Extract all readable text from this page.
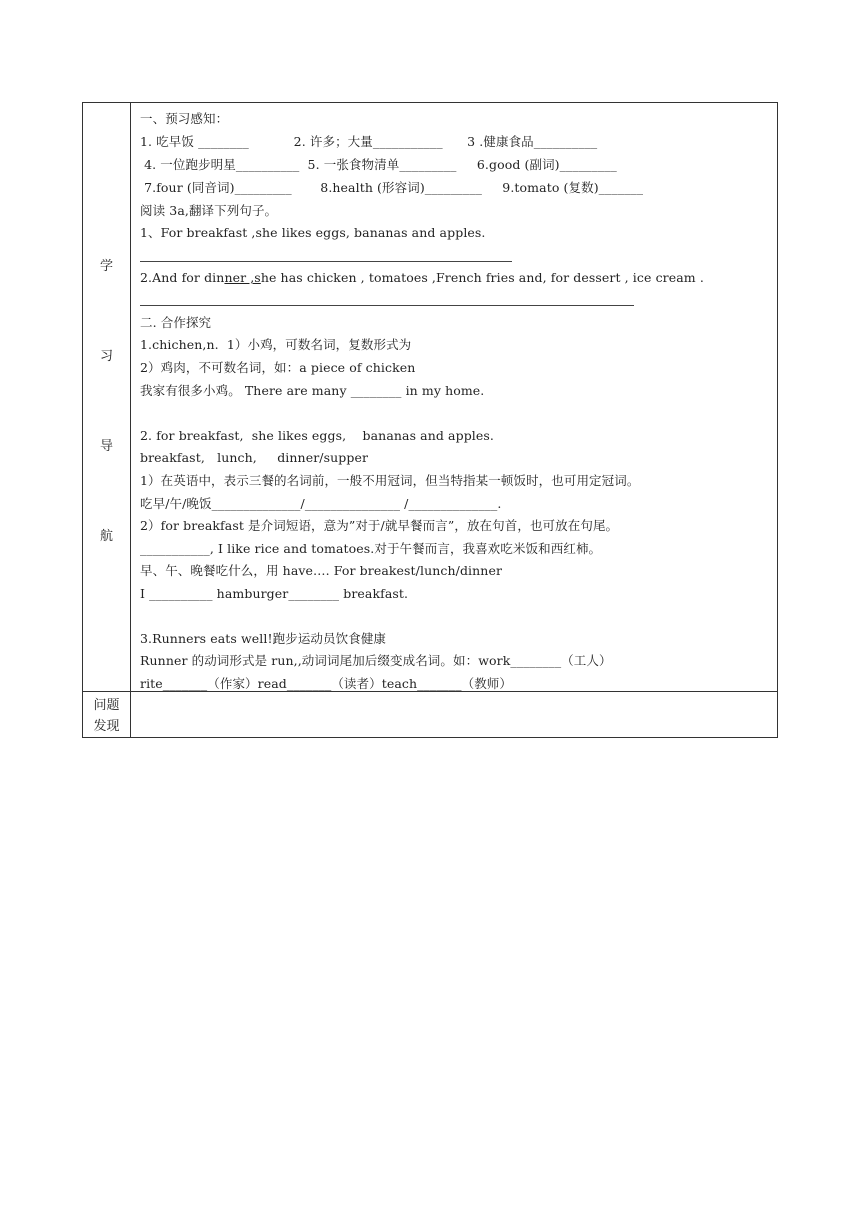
学
习
导
航
一、预习感知：
1. 吃早饭 ________           2. 许多；大量___________      3 .健康食品__________
4. 一位跑步明星__________  5. 一张食物清单_________     6.good (副词)_________
7.four (同音词)_________       8.health (形容词)_________     9.tomato (复数)_______
阅读 3a,翻译下列句子。
1、For breakfast ,she likes eggs, bananas and apples.
2.And for dinner ,she has chicken , tomatoes ,French fries and, for dessert , ice cream .
二. 合作探究
1.chichen,n.  1）小鸡，可数名词，复数形式为
2）鸡肉，不可数名词，如：a piece of chicken
我家有很多小鸡。 There are many ________ in my home.
2. for breakfast,  she likes eggs,    bananas and apples.
breakfast,   lunch,     dinner/supper
1）在英语中，表示三餐的名词前，一般不用冠词，但当特指某一顿饭时，也可用定冠词。
吃早/午/晚饭______________/_______________ /______________.
2）for breakfast 是介词短语，意为”对于/就早餐而言”，放在句首，也可放在句尾。
___________, I like rice and tomatoes.对于午餐而言，我喜欢吃米饭和西红柿。
早、午、晚餐吃什么，用 have…. For breakest/lunch/dinner
I __________ hamburger________ breakfast.
3.Runners eats well!跑步运动员饮食健康
Runner 的动词形式是 run,,动词词尾加后缀变成名词。如：work________（工人）
rite_______（作家）read_______（读者）teach_______（教师）
问题
发现
